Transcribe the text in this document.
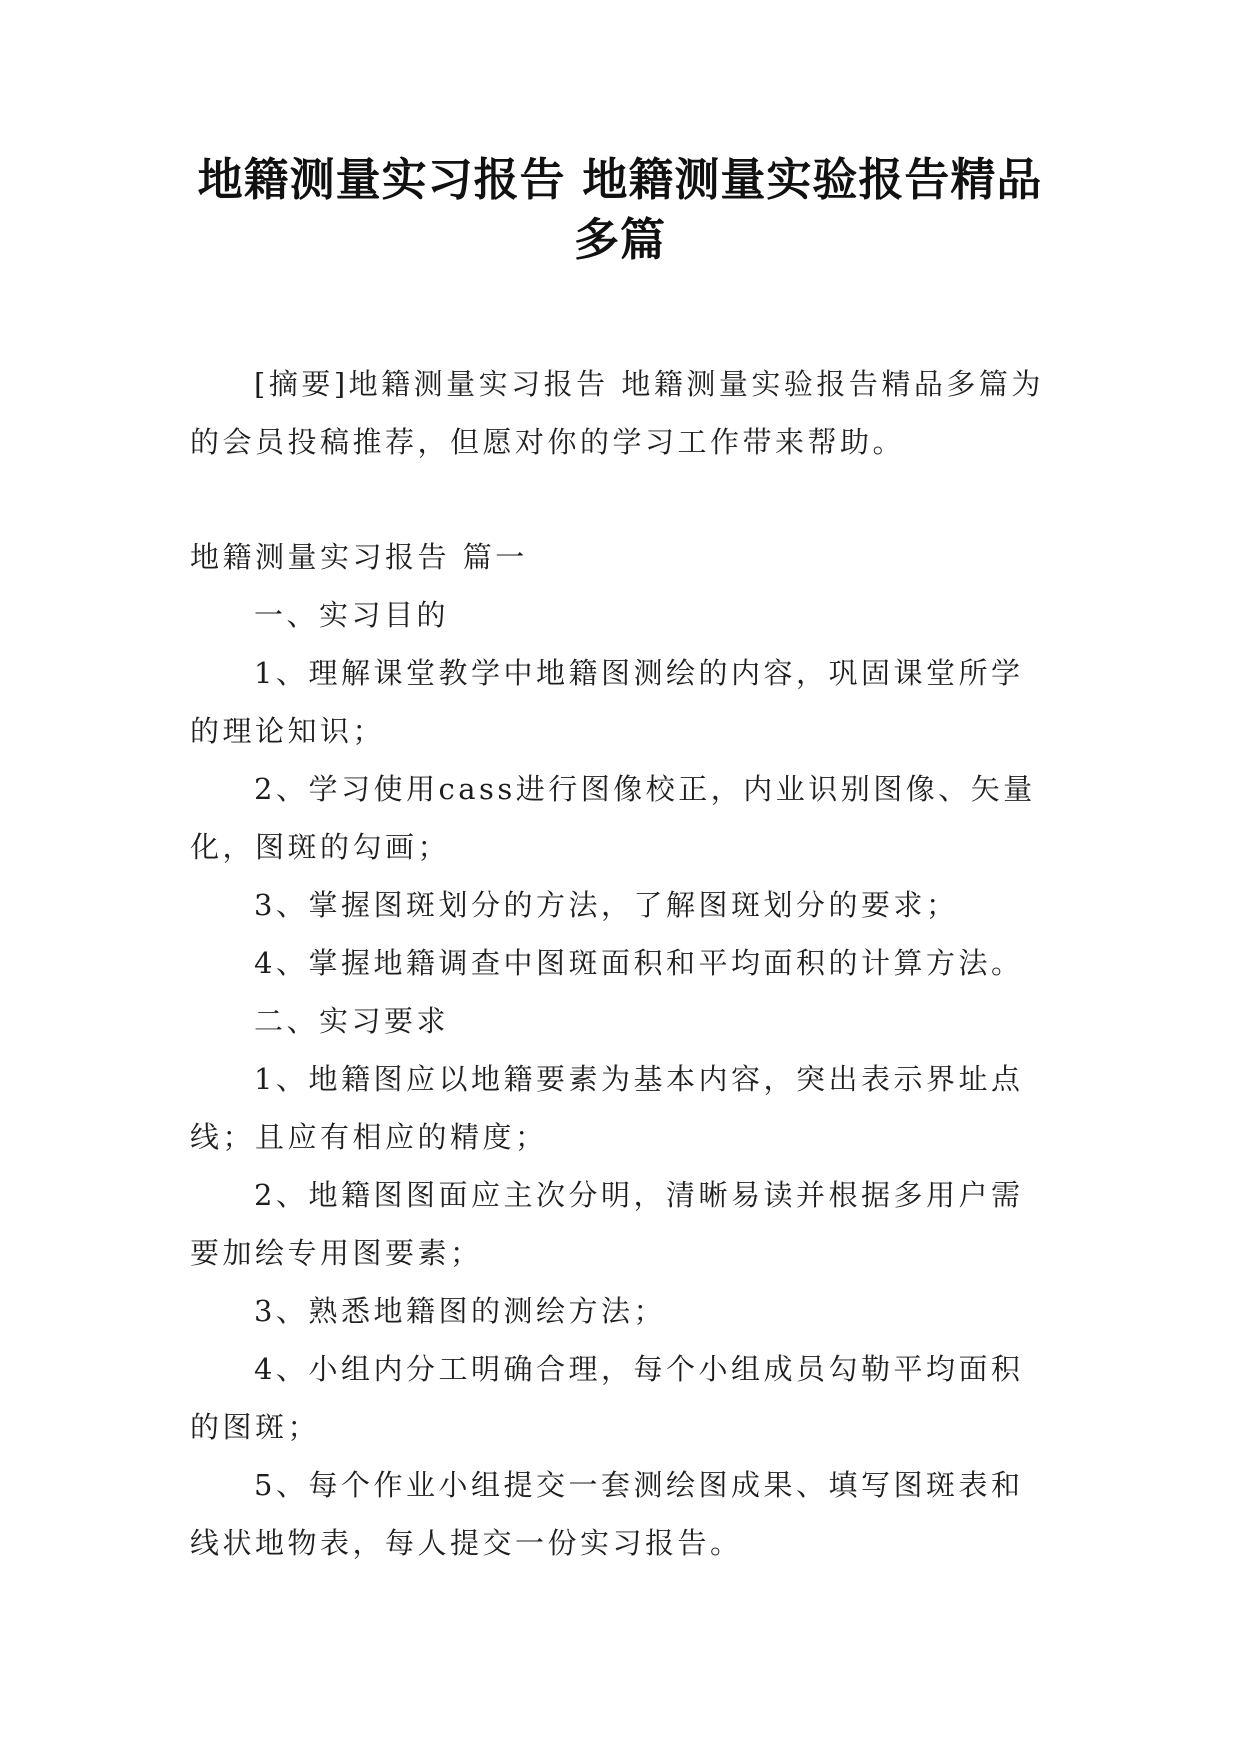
地籍测量实习报告 地籍测量实验报告精品
多篇
[摘要]地籍测量实习报告 地籍测量实验报告精品多篇为的会员投稿推荐，但愿对你的学习工作带来帮助。
地籍测量实习报告 篇一
一、实习目的
1、理解课堂教学中地籍图测绘的内容，巩固课堂所学
的理论知识；
2、学习使用cass进行图像校正，内业识别图像、矢量
化，图斑的勾画；
3、掌握图斑划分的方法，了解图斑划分的要求；
4、掌握地籍调查中图斑面积和平均面积的计算方法。
二、实习要求
1、地籍图应以地籍要素为基本内容，突出表示界址点
线；且应有相应的精度；
2、地籍图图面应主次分明，清晰易读并根据多用户需
要加绘专用图要素；
3、熟悉地籍图的测绘方法；
4、小组内分工明确合理，每个小组成员勾勒平均面积
的图斑；
5、每个作业小组提交一套测绘图成果、填写图斑表和
线状地物表，每人提交一份实习报告。
